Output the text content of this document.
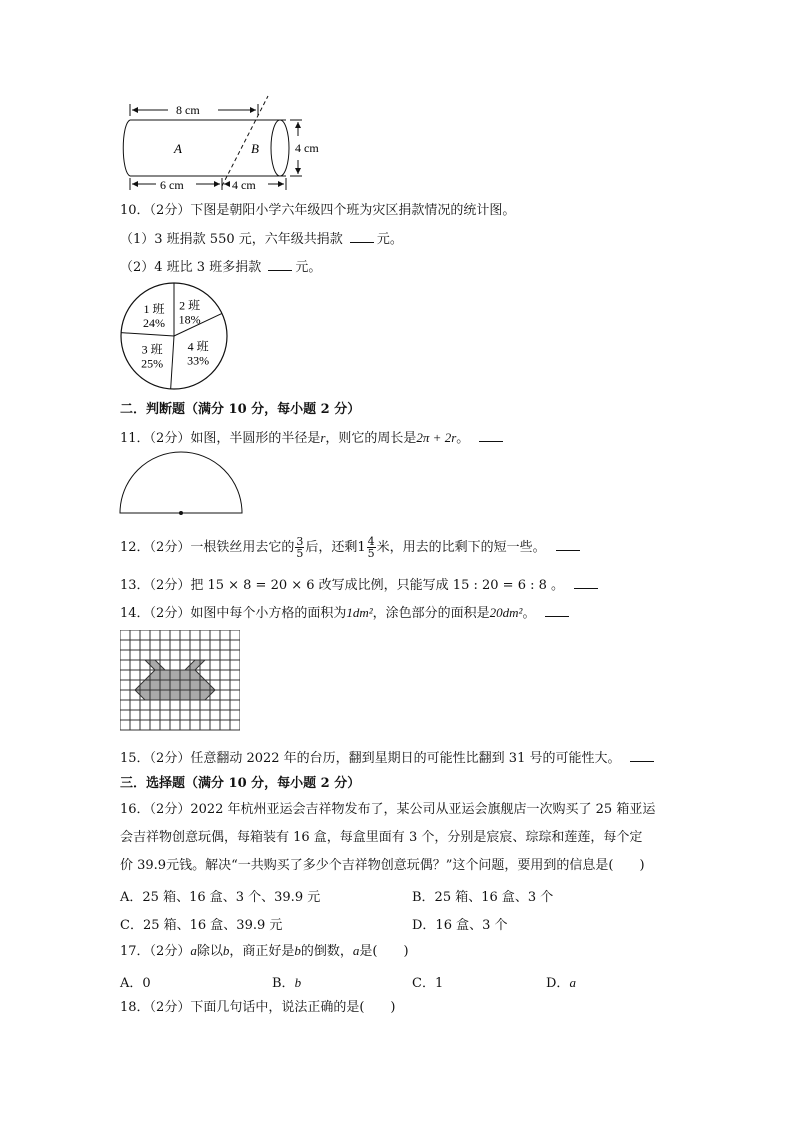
8 cm
A	B	4 cm
6 cm	4 cm
10．（2分）下图是朝阳小学六年级四个班为灾区捐款情况的统计图。
（1）3 班捐款 550 元，六年级共捐款 元。
（2）4 班比 3 班多捐款 元。
2 班
18%
4 班
33%
3 班
25%
1 班
24%
二．判断题（满分 10 分，每小题 2 分）
11．（2分）如图，半圆形的半径是r，则它的周长是2π + 2r。
12．（2分）一根铁丝用去它的 $\frac{3}{5}$ 后，还剩$1 \frac{4}{5}$ 米，用去的比剩下的短一些。
13．（2分）把 15 × 8 = 20 × 6 改写成比例，只能写成 15 : 20 = 6 : 8 。
14．（2分）如图中每个小方格的面积为1dm²，涂色部分的面积是20dm²。
15．（2分）任意翻动 2022 年的台历，翻到星期日的可能性比翻到 31 号的可能性大。
三．选择题（满分 10 分，每小题 2 分）
16．（2分）2022 年杭州亚运会吉祥物发布了，某公司从亚运会旗舰店一次购买了 25 箱亚运
会吉祥物创意玩偶，每箱装有 16 盒，每盒里面有 3 个，分别是宸宸、琮琮和莲莲，每个定
价 39.9元钱。解决“一共购买了多少个吉祥物创意玩偶？”这个问题，要用到的信息是(　　)
A．25 箱、16 盒、3 个、39.9 元	B．25 箱、16 盒、3 个
C．25 箱、16 盒、39.9 元	D．16 盒、3 个
17．（2分）a除以b，商正好是b的倒数，a是(　　)
A．0	B．b	C．1	D．a
18．（2分）下面几句话中，说法正确的是(　　)
